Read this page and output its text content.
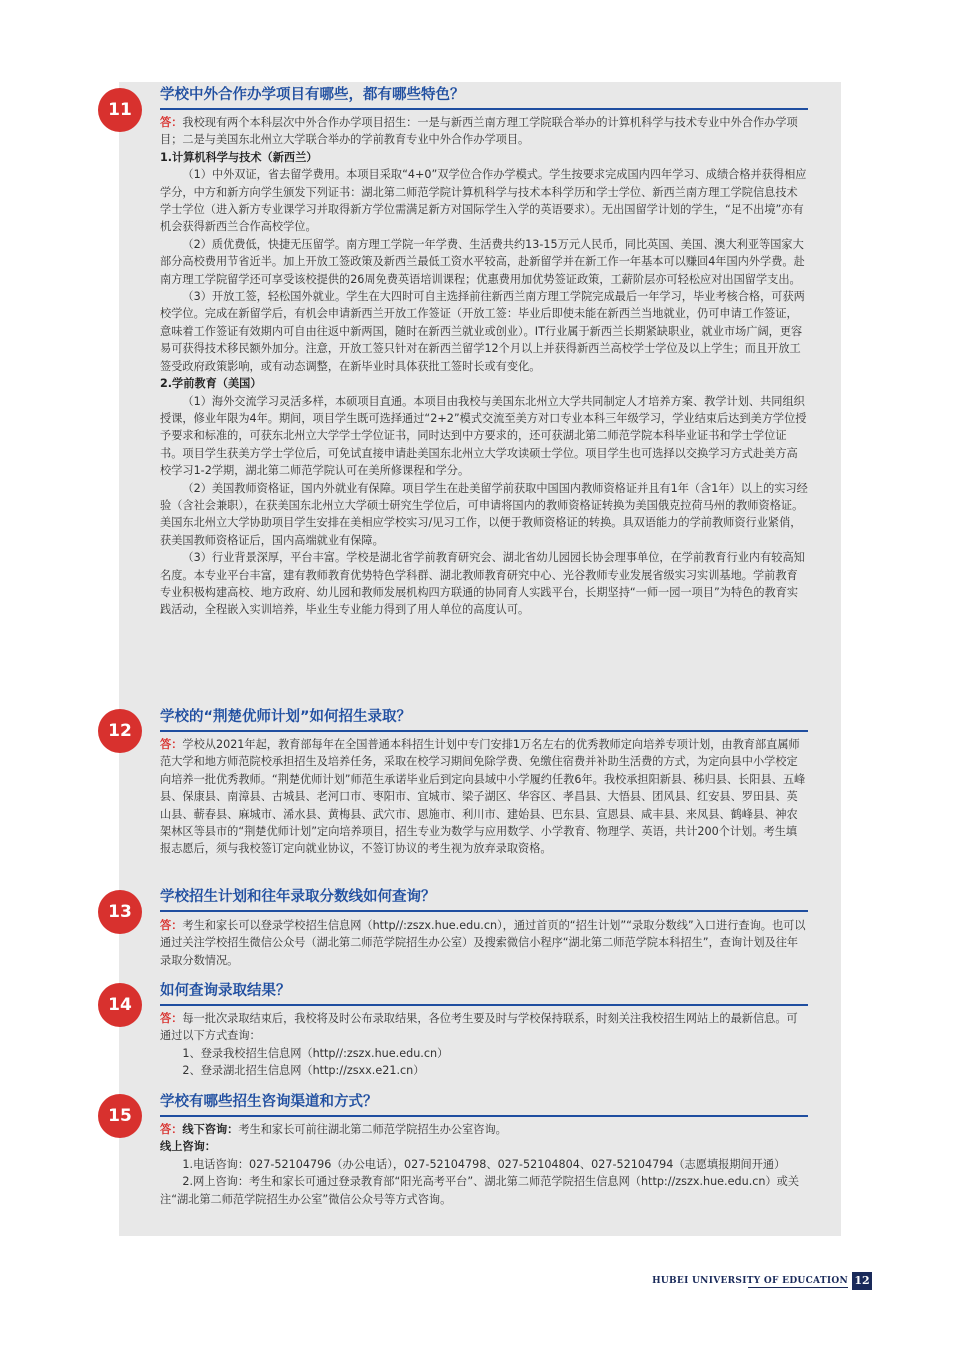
11
学校中外合作办学项目有哪些，都有哪些特色？

答：我校现有两个本科层次中外合作办学项目招生：一是与新西兰南方理工学院联合举办的计算机科学与技术专业中外合作办学项目；二是与美国东北州立大学联合举办的学前教育专业中外合作办学项目。

1.计算机科学与技术（新西兰）

（1）中外双证，省去留学费用。本项目采取“4+0”双学位合作办学模式。学生按要求完成国内四年学习、成绩合格并获得相应学分，中方和新方向学生颁发下列证书：湖北第二师范学院计算机科学与技术本科学历和学士学位、新西兰南方理工学院信息技术学士学位（进入新方专业课学习并取得新方学位需满足新方对国际学生入学的英语要求）。无出国留学计划的学生，“足不出境”亦有机会获得新西兰合作高校学位。

（2）质优费低，快捷无压留学。南方理工学院一年学费、生活费共约13-15万元人民币，同比英国、美国、澳大利亚等国家大部分高校费用节省近半。加上开放工签政策及新西兰最低工资水平较高，赴新留学并在新工作一年基本可以赚回4年国内外学费。赴南方理工学院留学还可享受该校提供的26周免费英语培训课程；优惠费用加优势签证政策，工薪阶层亦可轻松应对出国留学支出。

（3）开放工签，轻松国外就业。学生在大四时可自主选择前往新西兰南方理工学院完成最后一年学习，毕业考核合格，可获两校学位。完成在新留学后，有机会申请新西兰开放工作签证（开放工签：毕业后即使未能在新西兰当地就业，仍可申请工作签证，意味着工作签证有效期内可自由往返中新两国，随时在新西兰就业或创业）。IT行业属于新西兰长期紧缺职业，就业市场广阔，更容易可获得技术移民额外加分。注意，开放工签只针对在新西兰留学12个月以上并获得新西兰高校学士学位及以上学生；而且开放工签受政府政策影响，或有动态调整，在新毕业时具体获批工签时长或有变化。

2.学前教育（美国）

（1）海外交流学习灵活多样，本硕项目直通。本项目由我校与美国东北州立大学共同制定人才培养方案、教学计划、共同组织授课，修业年限为4年。期间，项目学生既可选择通过“2+2”模式交流至美方对口专业本科三年级学习，学业结束后达到美方学位授予要求和标准的，可获东北州立大学学士学位证书，同时达到中方要求的，还可获湖北第二师范学院本科毕业证书和学士学位证书。项目学生获美方学士学位后，可免试直接申请赴美国东北州立大学攻读硕士学位。项目学生也可选择以交换学习方式赴美方高校学习1-2学期，湖北第二师范学院认可在美所修课程和学分。

（2）美国教师资格证，国内外就业有保障。项目学生在赴美留学前获取中国国内教师资格证并且有1年（含1年）以上的实习经验（含社会兼职），在获美国东北州立大学硕士研究生学位后，可申请将国内的教师资格证转换为美国俄克拉荷马州的教师资格证。美国东北州立大学协助项目学生安排在美相应学校实习/见习工作，以便于教师资格证的转换。具双语能力的学前教师资行业紧俏，获美国教师资格证后，国内高端就业有保障。

（3）行业背景深厚，平台丰富。学校是湖北省学前教育研究会、湖北省幼儿园园长协会理事单位，在学前教育行业内有较高知名度。本专业平台丰富，建有教师教育优势特色学科群、湖北教师教育研究中心、光谷教师专业发展省级实习实训基地。学前教育专业积极构建高校、地方政府、幼儿园和教师发展机构四方联通的协同育人实践平台，长期坚持“一师一园一项目”为特色的教育实践活动，全程嵌入实训培养，毕业生专业能力得到了用人单位的高度认可。

12
学校的“荆楚优师计划”如何招生录取？

答：学校从2021年起，教育部每年在全国普通本科招生计划中专门安排1万名左右的优秀教师定向培养专项计划，由教育部直属师范大学和地方师范院校承担招生及培养任务，采取在校学习期间免除学费、免缴住宿费并补助生活费的方式，为定向县中小学校定向培养一批优秀教师。“荆楚优师计划”师范生承诺毕业后到定向县域中小学履约任教6年。我校承担阳新县、秭归县、长阳县、五峰县、保康县、南漳县、古城县、老河口市、枣阳市、宜城市、梁子湖区、华容区、孝昌县、大悟县、团风县、红安县、罗田县、英山县、蕲春县、麻城市、浠水县、黄梅县、武穴市、恩施市、利川市、建始县、巴东县、宣恩县、咸丰县、来凤县、鹤峰县、神农架林区等县市的“荆楚优师计划”定向培养项目，招生专业为数学与应用数学、小学教育、物理学、英语，共计200个计划。考生填报志愿后，须与我校签订定向就业协议，不签订协议的考生视为放弃录取资格。

13
学校招生计划和往年录取分数线如何查询？

答：考生和家长可以登录学校招生信息网（http//:zszx.hue.edu.cn），通过首页的“招生计划”“录取分数线”入口进行查询。也可以通过关注学校招生微信公众号（湖北第二师范学院招生办公室）及搜索微信小程序“湖北第二师范学院本科招生”，查询计划及往年录取分数情况。

14
如何查询录取结果？

答：每一批次录取结束后，我校将及时公布录取结果，各位考生要及时与学校保持联系，时刻关注我校招生网站上的最新信息。可通过以下方式查询：

1、登录我校招生信息网（http//:zszx.hue.edu.cn）

2、登录湖北招生信息网（http://zsxx.e21.cn）

15
学校有哪些招生咨询渠道和方式？

答：线下咨询：考生和家长可前往湖北第二师范学院招生办公室咨询。

线上咨询：

1.电话咨询：027-52104796（办公电话），027-52104798、027-52104804、027-52104794（志愿填报期间开通）

2.网上咨询：考生和家长可通过登录教育部“阳光高考平台”、湖北第二师范学院招生信息网（http://zszx.hue.edu.cn）或关注“湖北第二师范学院招生办公室”微信公众号等方式咨询。

HUBEI UNIVERSITY OF EDUCATION 12
